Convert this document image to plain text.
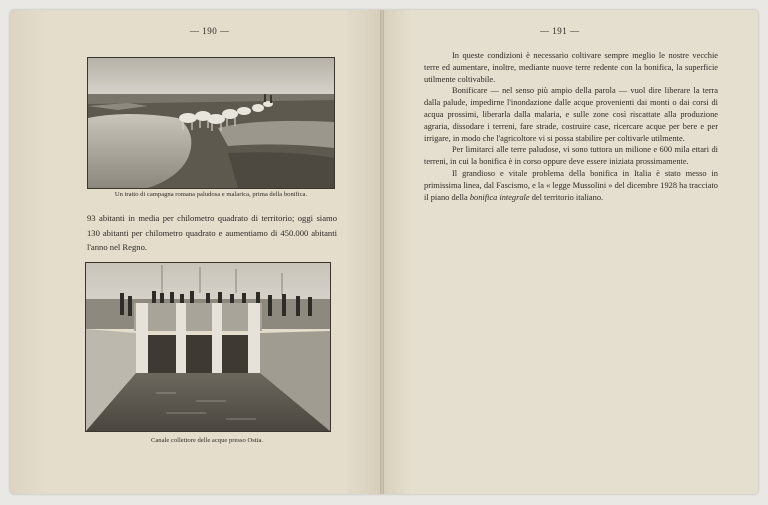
— 190 —	— 191 —
Un tratto di campagna romana paludosa e malarica, prima della bonifica.
93 abitanti in media per chilometro quadrato di territorio; oggi siamo 130 abitanti per chilometro quadrato e aumentiamo di 450.000 abitanti l'anno nel Regno.
Canale collettore delle acque presso Ostia.

In queste condizioni è necessario coltivare sempre meglio le nostre vecchie terre ed aumentare, inoltre, mediante nuove terre redente con la bonifica, la superficie utilmente coltivabile.

Bonificare — nel senso più ampio della parola — vuol dire liberare la terra dalla palude, impedirne l'inondazione dalle acque provenienti dai monti o dai corsi di acqua prossimi, liberarla dalla malaria, e sulle zone così riscattate alla produzione agraria, dissodare i terreni, fare strade, costruire case, ricercare acque per bere e per irrigare, in modo che l'agricoltore vi si possa stabilire per coltivarle utilmente.

Per limitarci alle terre paludose, vi sono tuttora un milione e 600 mila ettari di terreni, in cui la bonifica è in corso oppure deve essere iniziata prossimamente.

Il grandioso e vitale problema della bonifica in Italia è stato messo in primissima linea, dal Fascismo, e la « legge Mussolini » del dicembre 1928 ha tracciato il piano della bonifica integrale del territorio italiano.
